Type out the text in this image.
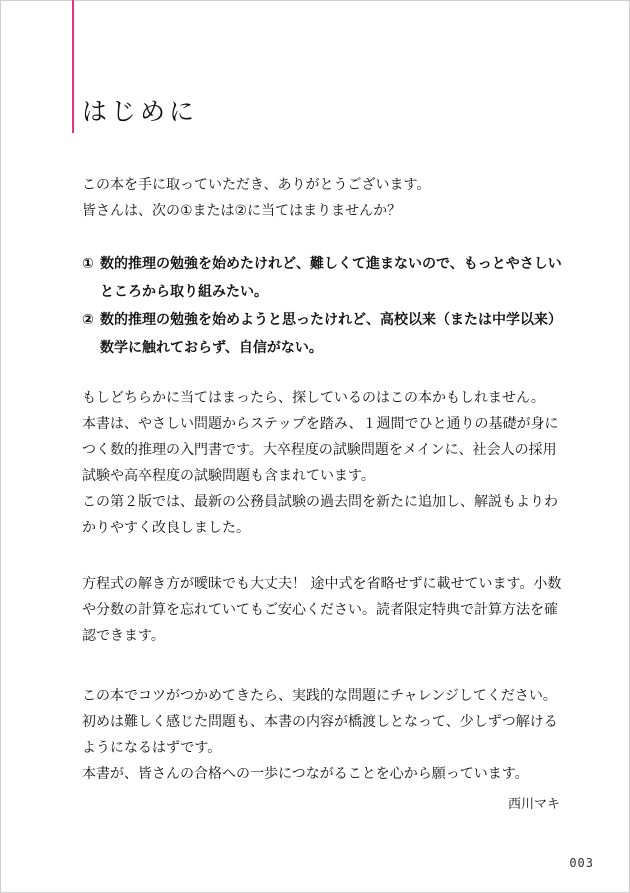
はじめに

この本を手に取っていただき、ありがとうございます。

皆さんは、次の①または②に当てはまりませんか？

① 数的推理の勉強を始めたけれど、難しくて進まないので、もっとやさしい

ところから取り組みたい。

② 数的推理の勉強を始めようと思ったけれど、高校以来（または中学以来）

数学に触れておらず、自信がない。

もしどちらかに当てはまったら、探しているのはこの本かもしれません。

本書は、やさしい問題からステップを踏み、１週間でひと通りの基礎が身に

つく数的推理の入門書です。大卒程度の試験問題をメインに、社会人の採用

試験や高卒程度の試験問題も含まれています。

この第２版では、最新の公務員試験の過去問を新たに追加し、解説もよりわ

かりやすく改良しました。

方程式の解き方が曖昧でも大丈夫！ 途中式を省略せずに載せています。小数

や分数の計算を忘れていてもご安心ください。読者限定特典で計算方法を確

認できます。

この本でコツがつかめてきたら、実践的な問題にチャレンジしてください。

初めは難しく感じた問題も、本書の内容が橋渡しとなって、少しずつ解ける

ようになるはずです。

本書が、皆さんの合格への一歩につながることを心から願っています。

西川マキ
003
